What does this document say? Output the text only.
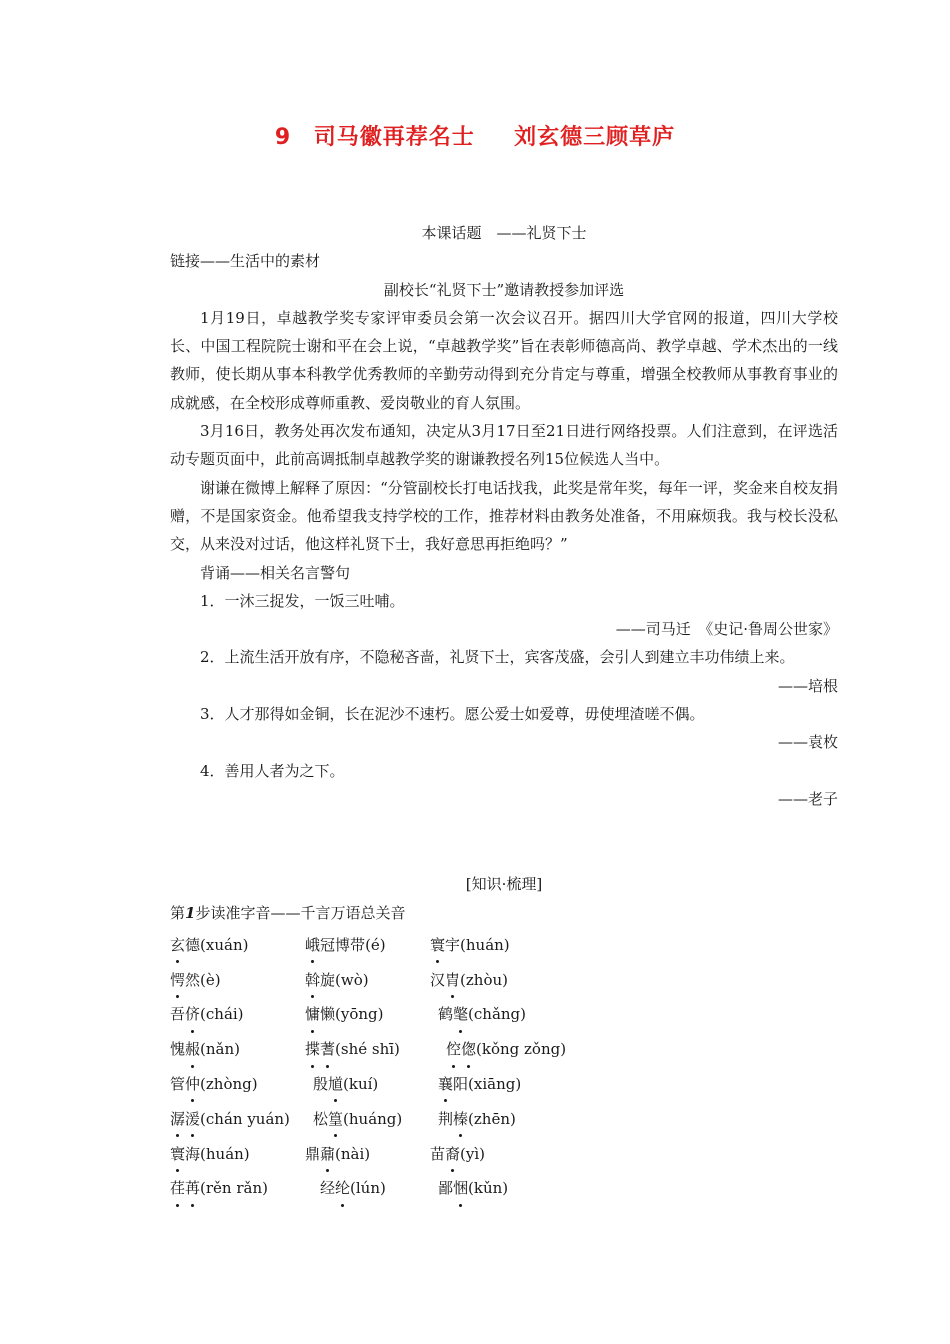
9 司马徽再荐名士 刘玄德三顾草庐
本课话题　——礼贤下士
链接——生活中的素材
副校长“礼贤下士”邀请教授参加评选
1月19日，卓越教学奖专家评审委员会第一次会议召开。据四川大学官网的报道，四川大学校长、中国工程院院士谢和平在会上说，“卓越教学奖”旨在表彰师德高尚、教学卓越、学术杰出的一线教师，使长期从事本科教学优秀教师的辛勤劳动得到充分肯定与尊重，增强全校教师从事教育事业的成就感，在全校形成尊师重教、爱岗敬业的育人氛围。
3月16日，教务处再次发布通知，决定从3月17日至21日进行网络投票。人们注意到，在评选活动专题页面中，此前高调抵制卓越教学奖的谢谦教授名列15位候选人当中。
谢谦在微博上解释了原因：“分管副校长打电话找我，此奖是常年奖，每年一评，奖金来自校友捐赠，不是国家资金。他希望我支持学校的工作，推荐材料由教务处准备，不用麻烦我。我与校长没私交，从来没对过话，他这样礼贤下士，我好意思再拒绝吗？”
背诵——相关名言警句
1．一沐三捉发，一饭三吐哺。
——司马迁　《史记·鲁周公世家》
2．上流生活开放有序，不隐秘吝啬，礼贤下士，宾客茂盛，会引人到建立丰功伟绩上来。
——培根
3．人才那得如金铜，长在泥沙不速朽。愿公爱士如爱尊，毋使埋渣嗟不偶。
——袁枚
4．善用人者为之下。
——老子
[知识·梳理]
第1步读准字音——千言万语总关音
玄德(xuán)	峨冠博带(é)	寰宇(huán)
愕然(è)	斡旋(wò)	汉胄(zhòu)
吾侪(chái)	慵懒(yōng)	鹤氅(chǎng)
愧赧(nǎn)	揲蓍(shé shī)	倥偬(kǒng zǒng)
管仲(zhòng)	殷馗(kuí)	襄阳(xiāng)
潺湲(chán yuán) 松篁(huáng) 荆榛(zhēn)
寰海(huán)	鼎鼐(nài)	苗裔(yì)
荏苒(rěn rǎn)	经纶(lún)	鄙悃(kǔn)
